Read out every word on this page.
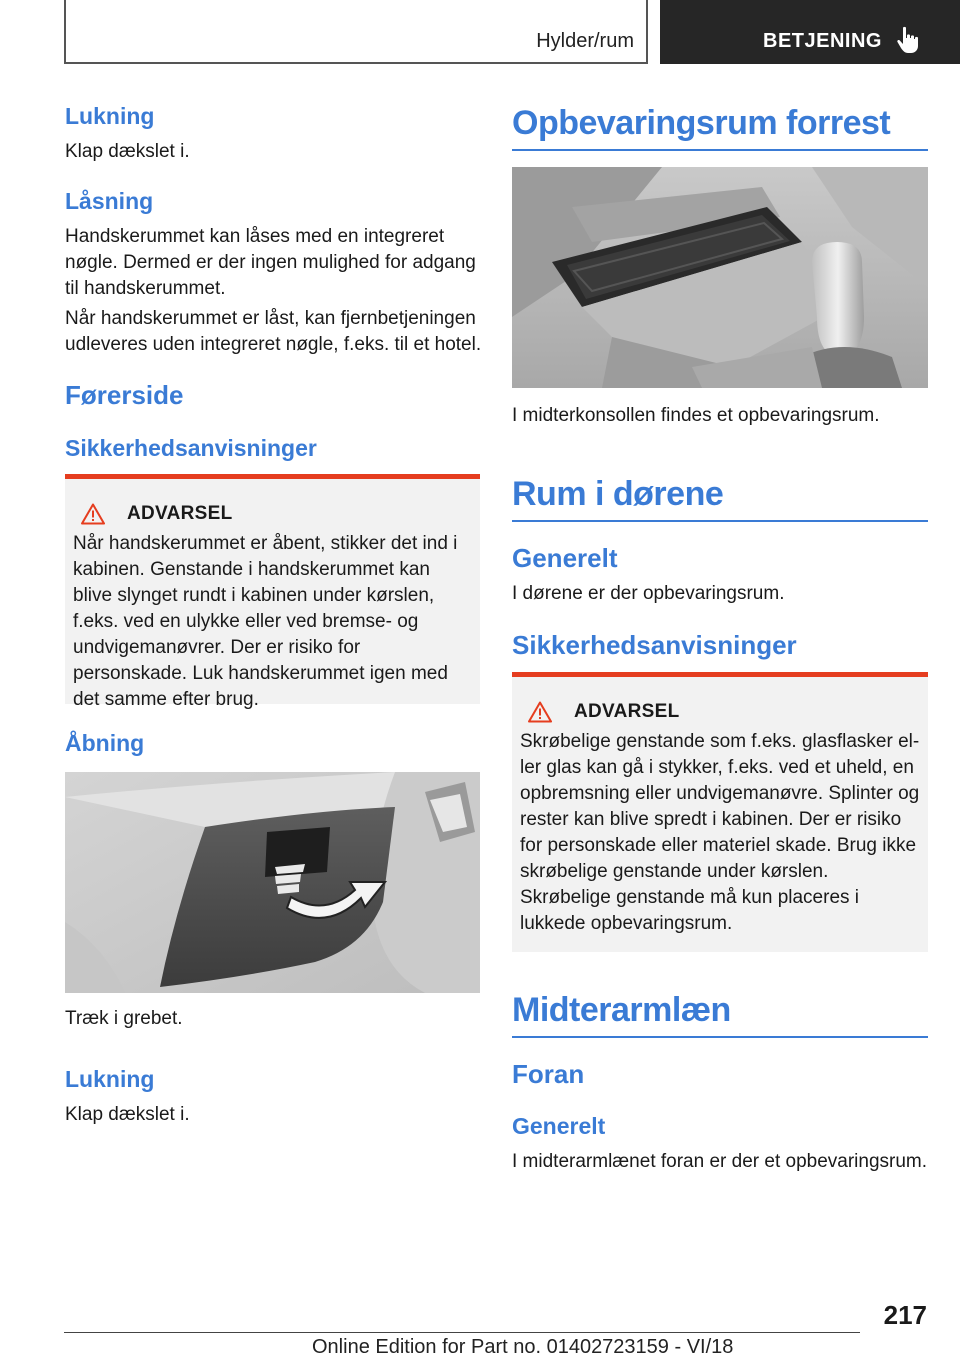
Hylder/rum	BETJENING
Lukning
Klap dækslet i.
Låsning
Handskerummet kan låses med en integreret nøgle. Dermed er der ingen mulighed for adgang til handskerummet.
Når handskerummet er låst, kan fjernbetjeningen udleveres uden integreret nøgle, f.eks. til et hotel.
Førerside
Sikkerhedsanvisninger
ADVARSEL
Når handskerummet er åbent, stikker det ind i kabinen. Genstande i handskerummet kan blive slynget rundt i kabinen under kørslen, f.eks. ved en ulykke eller ved bremse- og undvigemanøvrer. Der er risiko for personskade. Luk handskerummet igen med det samme efter brug.
Åbning
Træk i grebet.
Lukning
Klap dækslet i.
Opbevaringsrum forrest
I midterkonsollen findes et opbevaringsrum.
Rum i dørene
Generelt
I dørene er der opbevaringsrum.
Sikkerhedsanvisninger
ADVARSEL
Skrøbelige genstande som f.eks. glasflasker eller glas kan gå i stykker, f.eks. ved et uheld, en opbremsning eller undvigemanøvre. Splinter og rester kan blive spredt i kabinen. Der er risiko for personskade eller materiel skade. Brug ikke skrøbelige genstande under kørslen. Skrøbelige genstande må kun placeres i lukkede opbevaringsrum.
Midterarmlæn
Foran
Generelt
I midterarmlænet foran er der et opbevaringsrum.
217
Online Edition for Part no. 01402723159 - VI/18
